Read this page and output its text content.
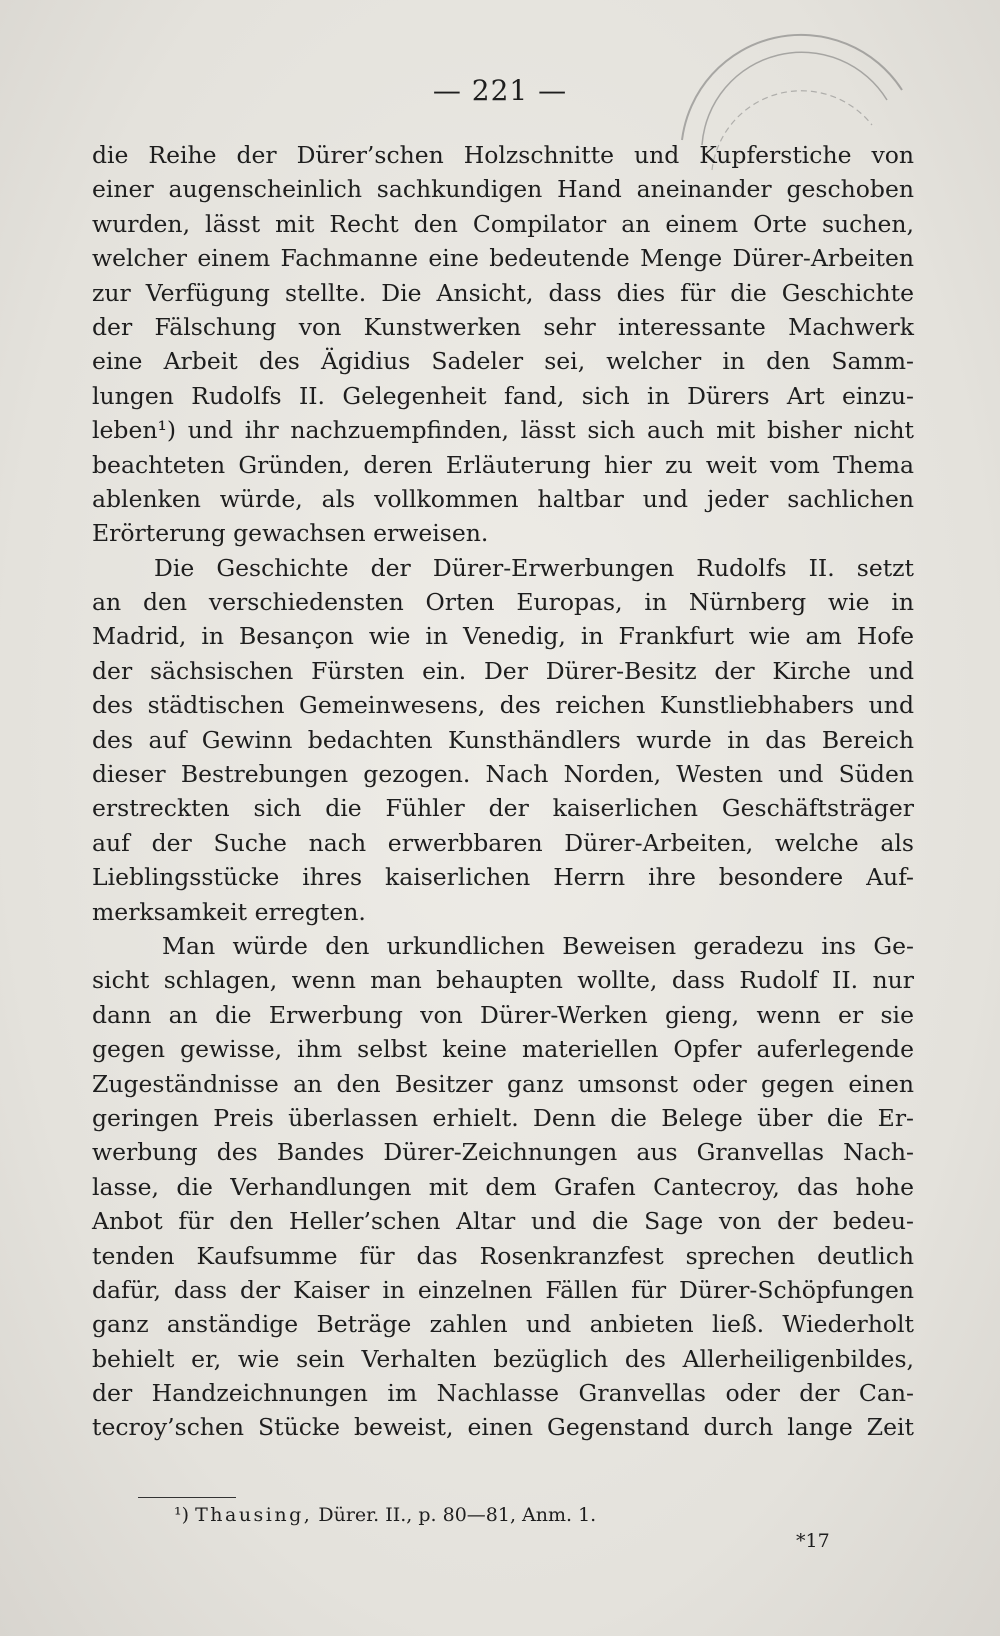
— 221 —
die Reihe der Dürer’schen Holzschnitte und Kupferstiche von
einer augenscheinlich sachkundigen Hand aneinander geschoben
wurden, lässt mit Recht den Compilator an einem Orte suchen,
welcher einem Fachmanne eine bedeutende Menge Dürer-Arbeiten
zur Verfügung stellte. Die Ansicht, dass dies für die Geschichte
der Fälschung von Kunstwerken sehr interessante Machwerk
eine Arbeit des Ägidius Sadeler sei, welcher in den Samm-
lungen Rudolfs II. Gelegenheit fand, sich in Dürers Art einzu-
leben¹) und ihr nachzuempfinden, lässt sich auch mit bisher nicht
beachteten Gründen, deren Erläuterung hier zu weit vom Thema
ablenken würde, als vollkommen haltbar und jeder sachlichen
Erörterung gewachsen erweisen.
Die Geschichte der Dürer-Erwerbungen Rudolfs II. setzt
an den verschiedensten Orten Europas, in Nürnberg wie in
Madrid, in Besançon wie in Venedig, in Frankfurt wie am Hofe
der sächsischen Fürsten ein. Der Dürer-Besitz der Kirche und
des städtischen Gemeinwesens, des reichen Kunstliebhabers und
des auf Gewinn bedachten Kunsthändlers wurde in das Bereich
dieser Bestrebungen gezogen. Nach Norden, Westen und Süden
erstreckten sich die Fühler der kaiserlichen Geschäftsträger
auf der Suche nach erwerbbaren Dürer-Arbeiten, welche als
Lieblingsstücke ihres kaiserlichen Herrn ihre besondere Auf-
merksamkeit erregten.
Man würde den urkundlichen Beweisen geradezu ins Ge-
sicht schlagen, wenn man behaupten wollte, dass Rudolf II. nur
dann an die Erwerbung von Dürer-Werken gieng, wenn er sie
gegen gewisse, ihm selbst keine materiellen Opfer auferlegende
Zugeständnisse an den Besitzer ganz umsonst oder gegen einen
geringen Preis überlassen erhielt. Denn die Belege über die Er-
werbung des Bandes Dürer-Zeichnungen aus Granvellas Nach-
lasse, die Verhandlungen mit dem Grafen Cantecroy, das hohe
Anbot für den Heller’schen Altar und die Sage von der bedeu-
tenden Kaufsumme für das Rosenkranzfest sprechen deutlich
dafür, dass der Kaiser in einzelnen Fällen für Dürer-Schöpfungen
ganz anständige Beträge zahlen und anbieten ließ. Wiederholt
behielt er, wie sein Verhalten bezüglich des Allerheiligenbildes,
der Handzeichnungen im Nachlasse Granvellas oder der Can-
tecroy’schen Stücke beweist, einen Gegenstand durch lange Zeit
¹) Thausing, Dürer. II., p. 80—81, Anm. 1.
*17
